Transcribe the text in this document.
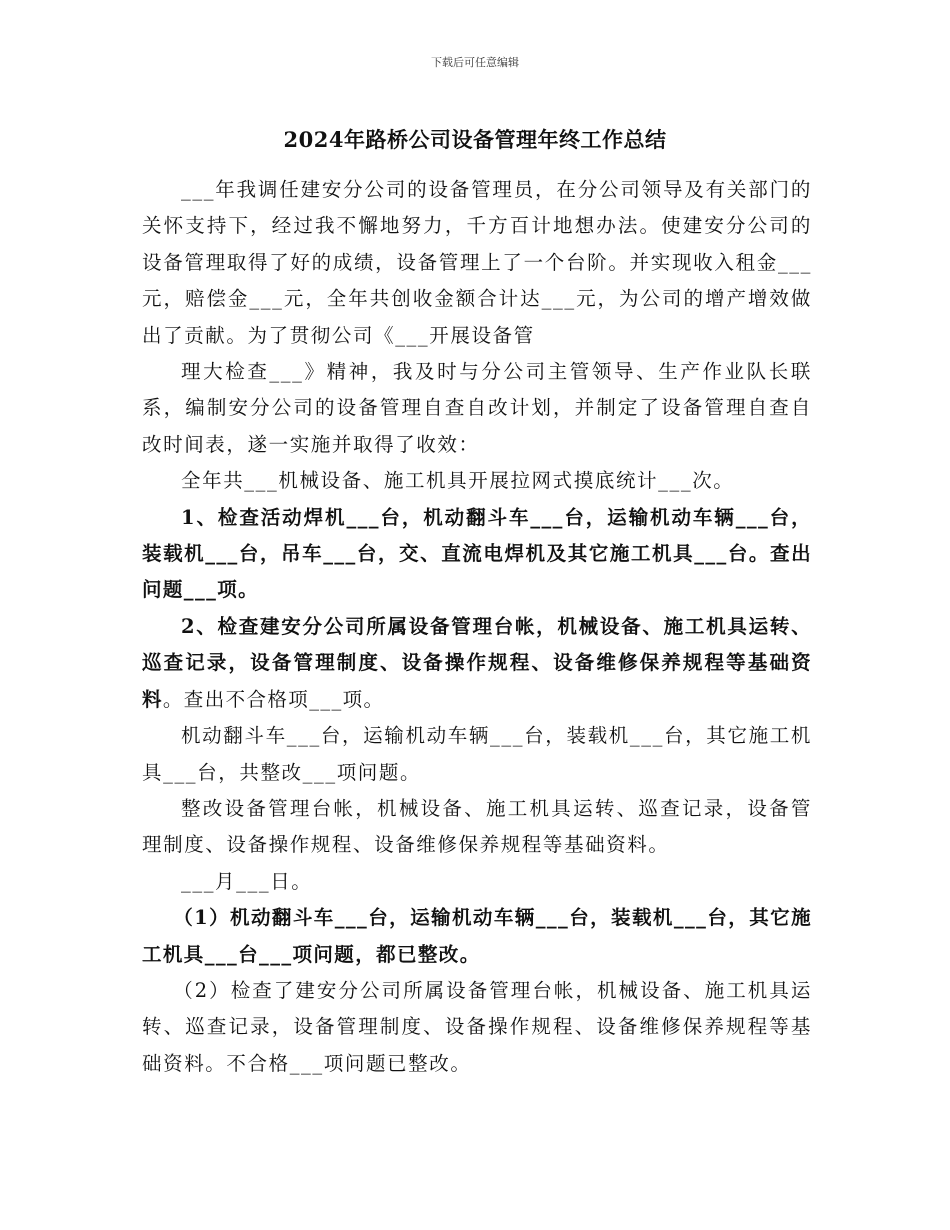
下载后可任意编辑
2024年路桥公司设备管理年终工作总结

___年我调任建安分公司的设备管理员，在分公司领导及有关部门的关怀支持下，经过我不懈地努力，千方百计地想办法。使建安分公司的设备管理取得了好的成绩，设备管理上了一个台阶。并实现收入租金___元，赔偿金___元，全年共创收金额合计达___元，为公司的增产增效做出了贡献。为了贯彻公司《___开展设备管

理大检查___》精神，我及时与分公司主管领导、生产作业队长联系，编制安分公司的设备管理自查自改计划，并制定了设备管理自查自改时间表，遂一实施并取得了收效：

全年共___机械设备、施工机具开展拉网式摸底统计___次。

1、检查活动焊机___台，机动翻斗车___台，运输机动车辆___台，装载机___台，吊车___台，交、直流电焊机及其它施工机具___台。查出问题___项。

2、检查建安分公司所属设备管理台帐，机械设备、施工机具运转、巡查记录，设备管理制度、设备操作规程、设备维修保养规程等基础资料。查出不合格项___项。

机动翻斗车___台，运输机动车辆___台，装载机___台，其它施工机具___台，共整改___项问题。

整改设备管理台帐，机械设备、施工机具运转、巡查记录，设备管理制度、设备操作规程、设备维修保养规程等基础资料。

___月___日。

（1）机动翻斗车___台，运输机动车辆___台，装载机___台，其它施工机具___台___项问题，都已整改。

（2）检查了建安分公司所属设备管理台帐，机械设备、施工机具运转、巡查记录，设备管理制度、设备操作规程、设备维修保养规程等基础资料。不合格___项问题已整改。
